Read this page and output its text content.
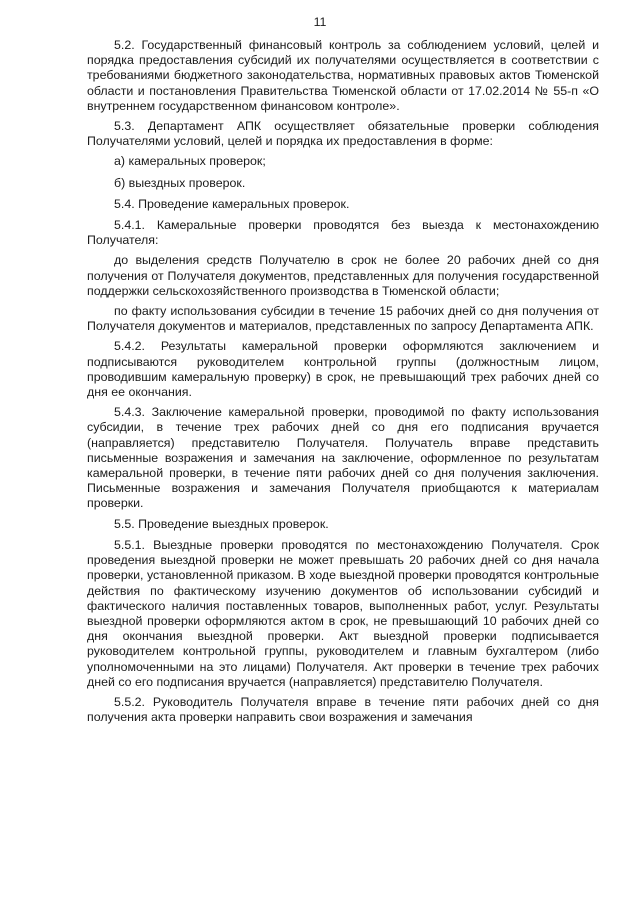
11

5.2. Государственный финансовый контроль за соблюдением условий, целей и порядка предоставления субсидий их получателями осуществляется в соответствии с требованиями бюджетного законодательства, нормативных правовых актов Тюменской области и постановления Правительства Тюменской области от 17.02.2014 № 55-п «О внутреннем государственном финансовом контроле».

5.3. Департамент АПК осуществляет обязательные проверки соблюдения Получателями условий, целей и порядка их предоставления в форме:

а) камеральных проверок;

б) выездных проверок.

5.4. Проведение камеральных проверок.

5.4.1. Камеральные проверки проводятся без выезда к местонахождению Получателя:

до выделения средств Получателю в срок не более 20 рабочих дней со дня получения от Получателя документов, представленных для получения государственной поддержки сельскохозяйственного производства в Тюменской области;

по факту использования субсидии в течение 15 рабочих дней со дня получения от Получателя документов и материалов, представленных по запросу Департамента АПК.

5.4.2. Результаты камеральной проверки оформляются заключением и подписываются руководителем контрольной группы (должностным лицом, проводившим камеральную проверку) в срок, не превышающий трех рабочих дней со дня ее окончания.

5.4.3. Заключение камеральной проверки, проводимой по факту использования субсидии, в течение трех рабочих дней со дня его подписания вручается (направляется) представителю Получателя. Получатель вправе представить письменные возражения и замечания на заключение, оформленное по результатам камеральной проверки, в течение пяти рабочих дней со дня получения заключения. Письменные возражения и замечания Получателя приобщаются к материалам проверки.

5.5. Проведение выездных проверок.

5.5.1. Выездные проверки проводятся по местонахождению Получателя. Срок проведения выездной проверки не может превышать 20 рабочих дней со дня начала проверки, установленной приказом. В ходе выездной проверки проводятся контрольные действия по фактическому изучению документов об использовании субсидий и фактического наличия поставленных товаров, выполненных работ, услуг. Результаты выездной проверки оформляются актом в срок, не превышающий 10 рабочих дней со дня окончания выездной проверки. Акт выездной проверки подписывается руководителем контрольной группы, руководителем и главным бухгалтером (либо уполномоченными на это лицами) Получателя. Акт проверки в течение трех рабочих дней со его подписания вручается (направляется) представителю Получателя.

5.5.2. Руководитель Получателя вправе в течение пяти рабочих дней со дня получения акта проверки направить свои возражения и замечания
